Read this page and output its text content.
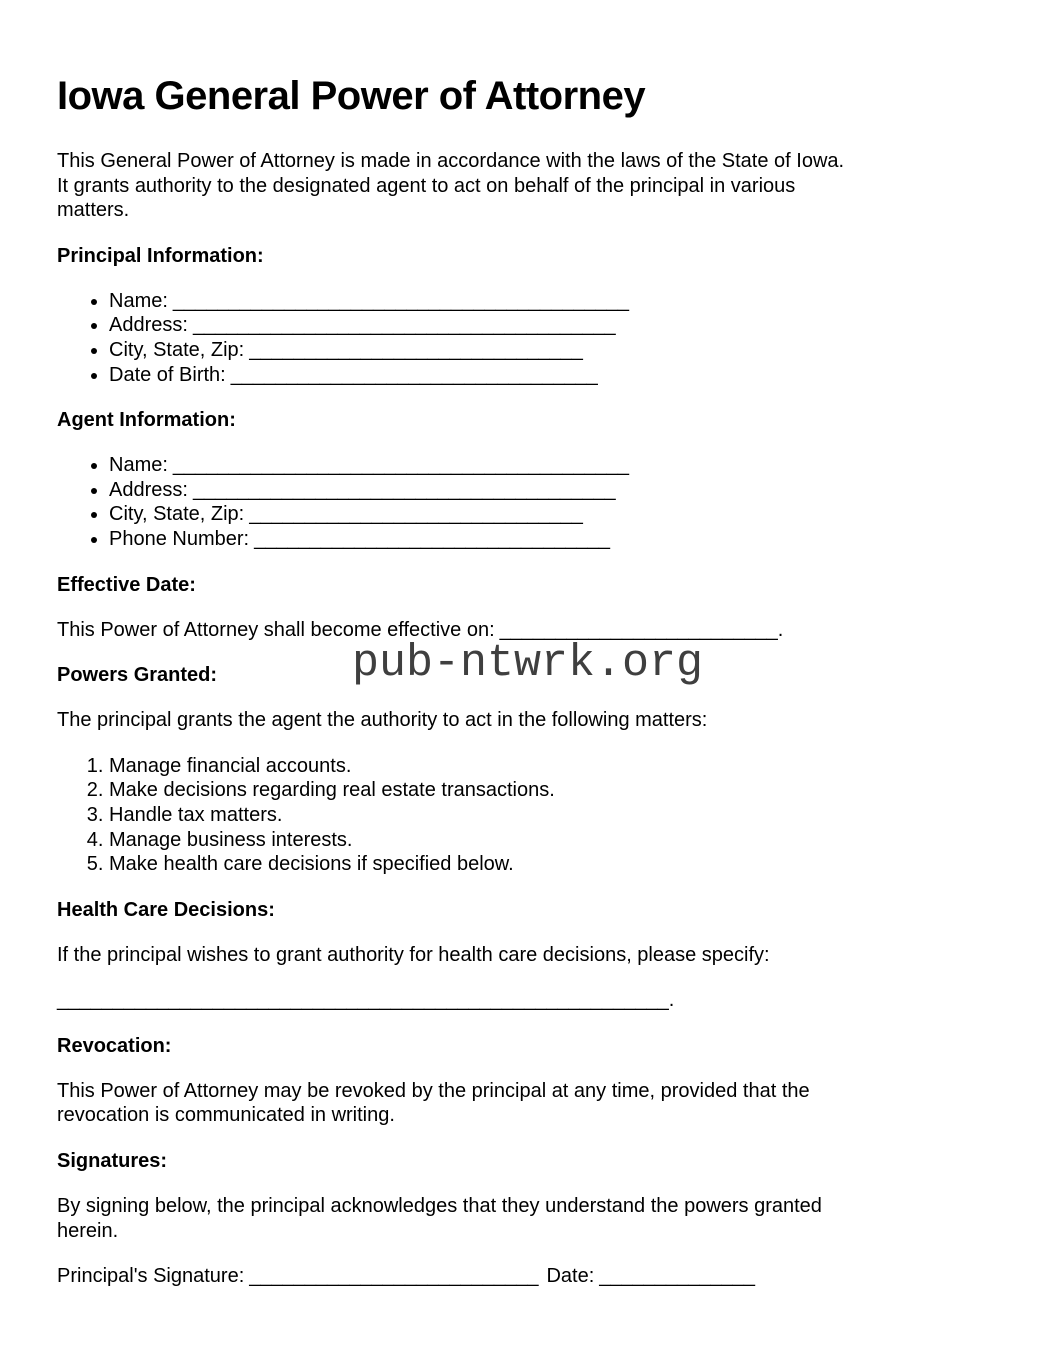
pub-ntwrk.org
Iowa General Power of Attorney
This General Power of Attorney is made in accordance with the laws of the State of Iowa.
It grants authority to the designated agent to act on behalf of the principal in various
matters.
Principal Information:
• Name: _________________________________________
• Address: ______________________________________
• City, State, Zip: ______________________________
• Date of Birth: _________________________________
Agent Information:
• Name: _________________________________________
• Address: ______________________________________
• City, State, Zip: ______________________________
• Phone Number: ________________________________
Effective Date:
This Power of Attorney shall become effective on: _________________________.
Powers Granted:
The principal grants the agent the authority to act in the following matters:
1. Manage financial accounts.
2. Make decisions regarding real estate transactions.
3. Handle tax matters.
4. Manage business interests.
5. Make health care decisions if specified below.
Health Care Decisions:
If the principal wishes to grant authority for health care decisions, please specify:
_______________________________________________________.
Revocation:
This Power of Attorney may be revoked by the principal at any time, provided that the
revocation is communicated in writing.
Signatures:
By signing below, the principal acknowledges that they understand the powers granted
herein.
Principal's Signature: __________________________ Date: ______________
